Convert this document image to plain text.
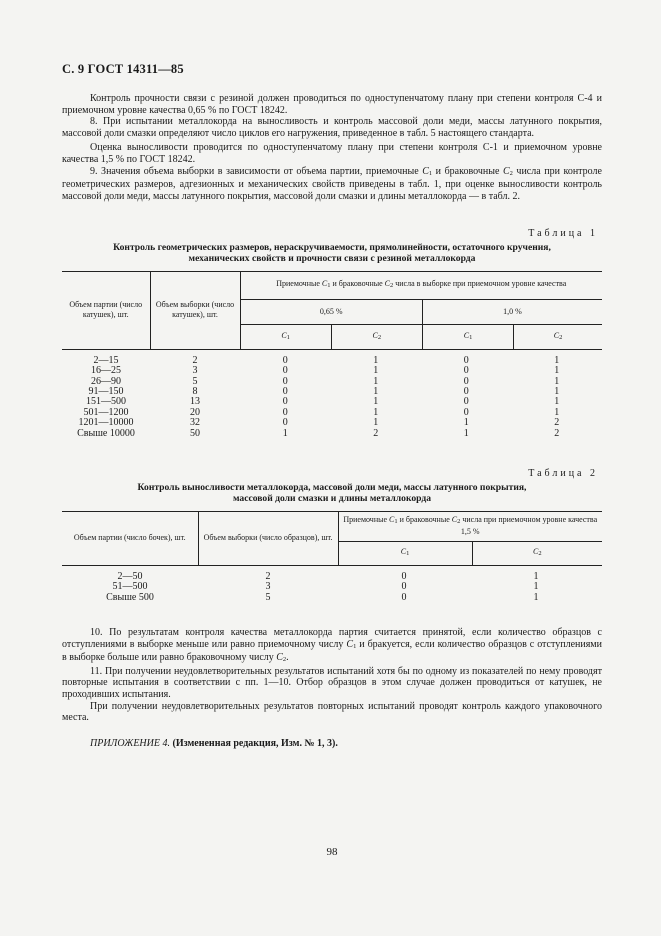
С. 9 ГОСТ 14311—85

Контроль прочности связи с резиной должен проводиться по одноступенчатому плану при степени контроля С-4 и приемочном уровне качества 0,65 % по ГОСТ 18242.

8. При испытании металлокорда на выносливость и контроль массовой доли меди, массы латунного покрытия, массовой доли смазки определяют число циклов его нагружения, приведенное в табл. 5 настоящего стандарта.

Оценка выносливости проводится по одноступенчатому плану при степени контроля С-1 и приемочном уровне качества 1,5 % по ГОСТ 18242.

9. Значения объема выборки в зависимости от объема партии, приемочные C1 и браковочные C2 числа при контроле геометрических размеров, адгезионных и механических свойств приведены в табл. 1, при оценке выносливости контроль массовой доли меди, массы латунного покрытия, массовой доли смазки и длины металлокорда — в табл. 2.

Таблица 1
Контроль геометрических размеров, нераскручиваемости, прямолинейности, остаточного кручения, механических свойств и прочности связи с резиной металлокорда
Объем партии (число катушек), шт.	Объем выборки (число катушек), шт.	Приемочные C1 и браковочные C2 числа в выборке при приемочном уровне качества			
		0,65 %		1,0 %	
		C1	C2	C1	C2
2—15	2	0	1	0	1
16—25	3	0	1	0	1
26—90	5	0	1	0	1
91—150	8	0	1	0	1
151—500	13	0	1	0	1
501—1200	20	0	1	0	1
1201—10000	32	0	1	1	2
Свыше 10000	50	1	2	1	2
Таблица 2
Контроль выносливости металлокорда, массовой доли меди, массы латунного покрытия, массовой доли смазки и длины металлокорда
Объем партии (число бочек), шт.	Объем выборки (число образцов), шт.	Приемочные C1 и браковочные C2 числа при приемочном уровне качества 1,5 %	
		C1	C2
2—50	2	0	1
51—500	3	0	1
Свыше 500	5	0	1

10. По результатам контроля качества металлокорда партия считается принятой, если количество образцов с отступлениями в выборке меньше или равно приемочному числу C1 и бракуется, если количество образцов с отступлениями в выборке больше или равно браковочному числу C2.

11. При получении неудовлетворительных результатов испытаний хотя бы по одному из показателей по нему проводят повторные испытания в соответствии с пп. 1—10. Отбор образцов в этом случае должен проводиться от катушек, не проходивших испытания.

При получении неудовлетворительных результатов повторных испытаний проводят контроль каждого упаковочного места.

ПРИЛОЖЕНИЕ 4. (Измененная редакция, Изм. № 1, 3).

98
